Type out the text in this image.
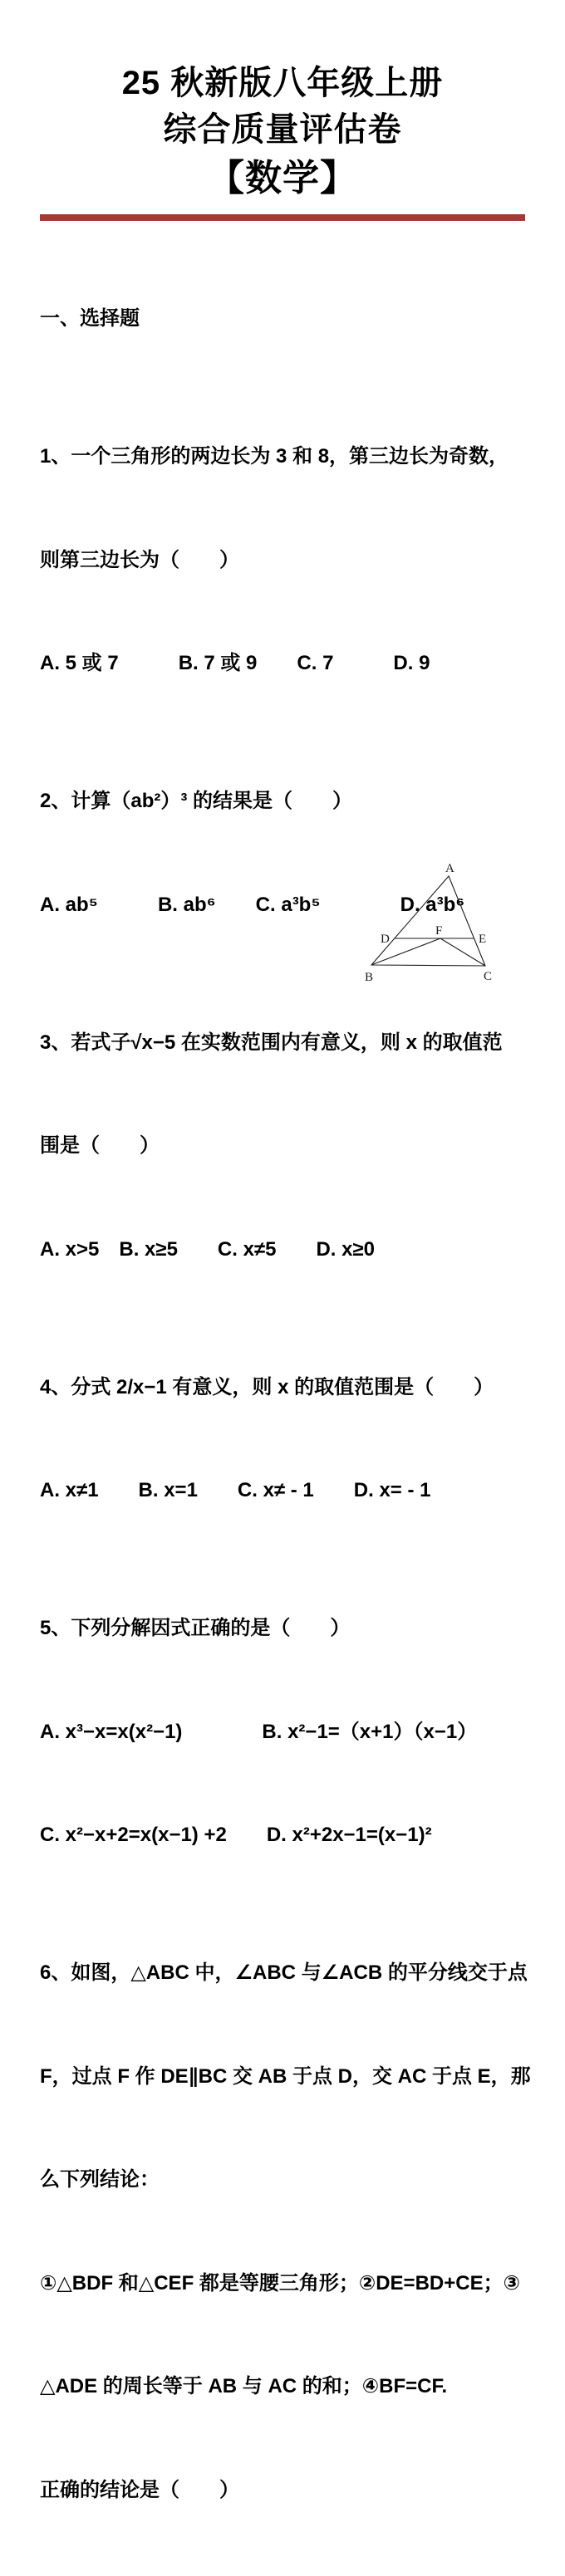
25 秋新版八年级上册
综合质量评估卷
【数学】

一、选择题

1、一个三角形的两边长为 3 和 8，第三边长为奇数，

则第三边长为（　　）

A. 5 或 7　　　B. 7 或 9　　C. 7　　　D. 9

2、计算（ab²）³ 的结果是（　　）

A. ab⁵　　　B. ab⁶　　C. a³b⁵　　　　D. a³b⁶

3、若式子√x−5 在实数范围内有意义，则 x 的取值范

围是（　　）

A. x>5　B. x≥5　　C. x≠5　　D. x≥0

4、分式 2/x−1 有意义，则 x 的取值范围是（　　）

A. x≠1　　B. x=1　　C. x≠ - 1　　D. x= - 1

5、下列分解因式正确的是（　　）

A. x³−x=x(x²−1)　　　　B. x²−1=（x+1）（x−1）

C. x²−x+2=x(x−1) +2　　D. x²+2x−1=(x−1)²

6、如图，△ABC 中，∠ABC 与∠ACB 的平分线交于点

F，过点 F 作 DE∥BC 交 AB 于点 D，交 AC 于点 E，那

么下列结论：

①△BDF 和△CEF 都是等腰三角形；②DE=BD+CE；③

△ADE 的周长等于 AB 与 AC 的和；④BF=CF.

正确的结论是（　　）

A
B	C
D	E
F
